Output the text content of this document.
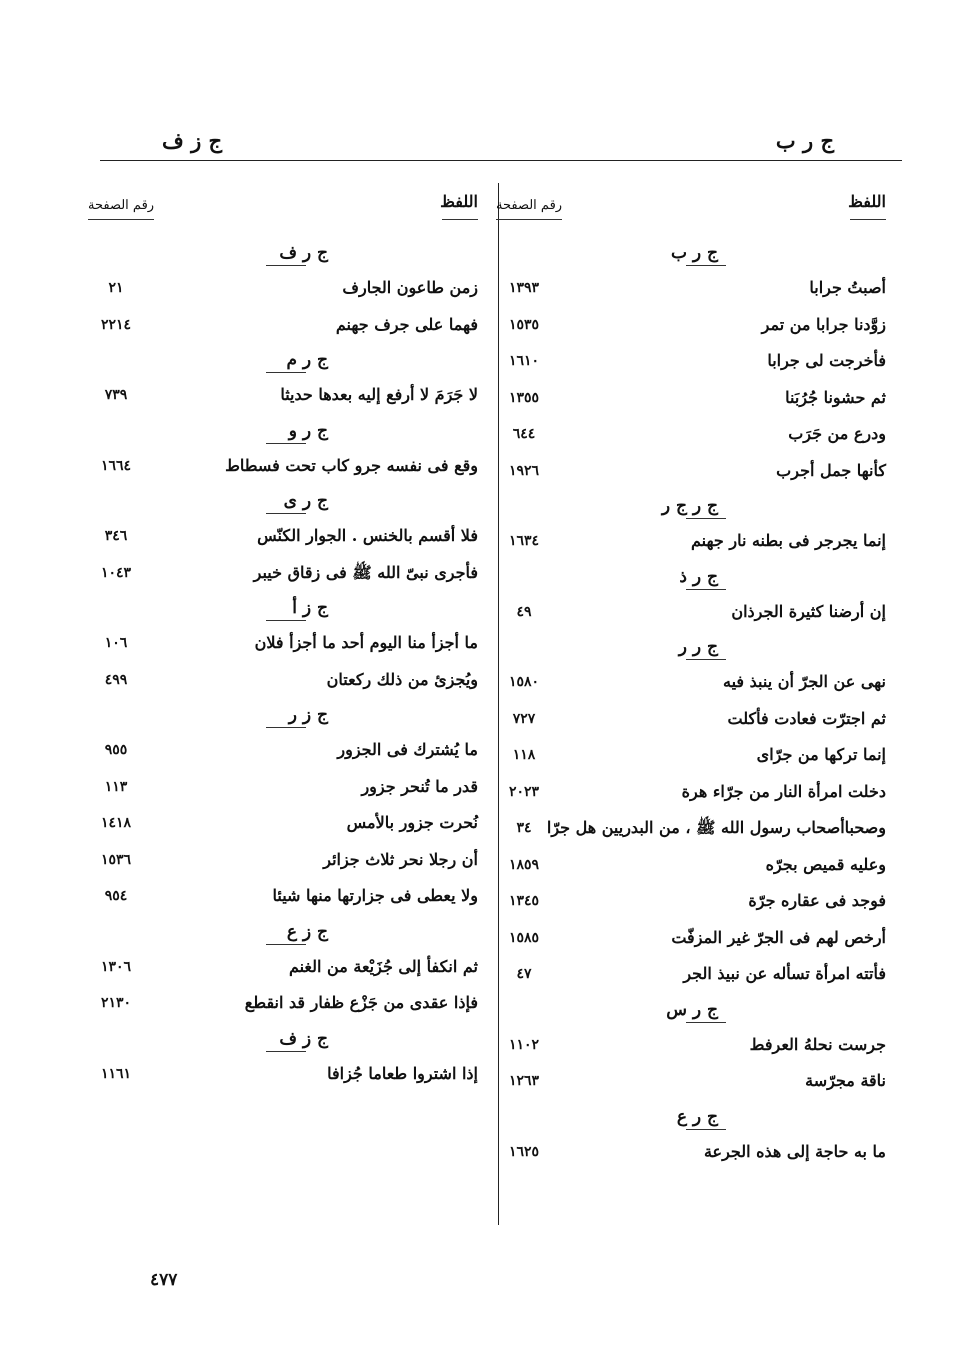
ج ر ب
ج ز ف
اللفظ
رقم الصفحة
ج ر ب
أصبتُ جرابا
١٣٩٣
زوَّدنا جرابا من تمر
١٥٣٥
فأخرجت لى جرابا
١٦١٠
ثم حشونا جُرُبَنا
١٣٥٥
ودرع من جَرَب
٦٤٤
كأنها جمل أجرب
١٩٢٦
ج ر ج ر
إنما يجرجر فى بطنه نار جهنم
١٦٣٤
ج ر ذ
إن أرضنا كثيرة الجرذان
٤٩
ج ر ر
نهى عن الجرّ أن ينبذ فيه
١٥٨٠
ثم اجترّت فعادت فأكلت
٧٢٧
إنما تركها من جرّاى
١١٨
دخلت امرأة النار من جرّاء هرة
٢٠٢٣
وصحباأصحاب رسول الله ﷺ ، من البدريين هل جرّا
٣٤
وعليه قميص بجرّه
١٨٥٩
فوجد فى عقاره جرّة
١٣٤٥
أرخص لهم فى الجرّ غير المزفّت
١٥٨٥
فأتته امرأة تسأله عن نبيذ الجر
٤٧
ج ر س
جرست نحلهُ العرفط
١١٠٢
ناقة مجرّسة
١٢٦٣
ج ر ع
ما به حاجة إلى هذه الجرعة
١٦٢٥
اللفظ
رقم الصفحة
ج ر ف
زمن طاعون الجارف
٢١
فهما على جرف جهنم
٢٢١٤
ج ر م
لا جَرَمَ لا أرفع إليه بعدها حديثا
٧٣٩
ج ر و
وقع فى نفسه جرو كاب تحت فسطاط
١٦٦٤
ج ر ى
فلا أقسم بالخنس . الجوار الكنّس
٣٤٦
فأجرى نبىّ الله ﷺ فى زقاق خيبر
١٠٤٣
ج ز أ
ما أجزأ منا اليوم أحد ما أجزأ فلان
١٠٦
ويُجزىٔ من ذلك ركعتان
٤٩٩
ج ز ر
ما يُشترك فى الجزور
٩٥٥
قدر ما تُنحر جزور
١١٣
نُحرت جزور بالأمس
١٤١٨
أن رجلا نحر ثلاث جزائر
١٥٣٦
ولا يعطى فى جزارتها منها شيئا
٩٥٤
ج ز ع
ثم انكفأ إلى جُزَيْعة من الغنم
١٣٠٦
فإذا عقدى من جَزْع ظفار قد انقطع
٢١٣٠
ج ز ف
إذا اشتروا طعاما جُزافا
١١٦١
٤٧٧
